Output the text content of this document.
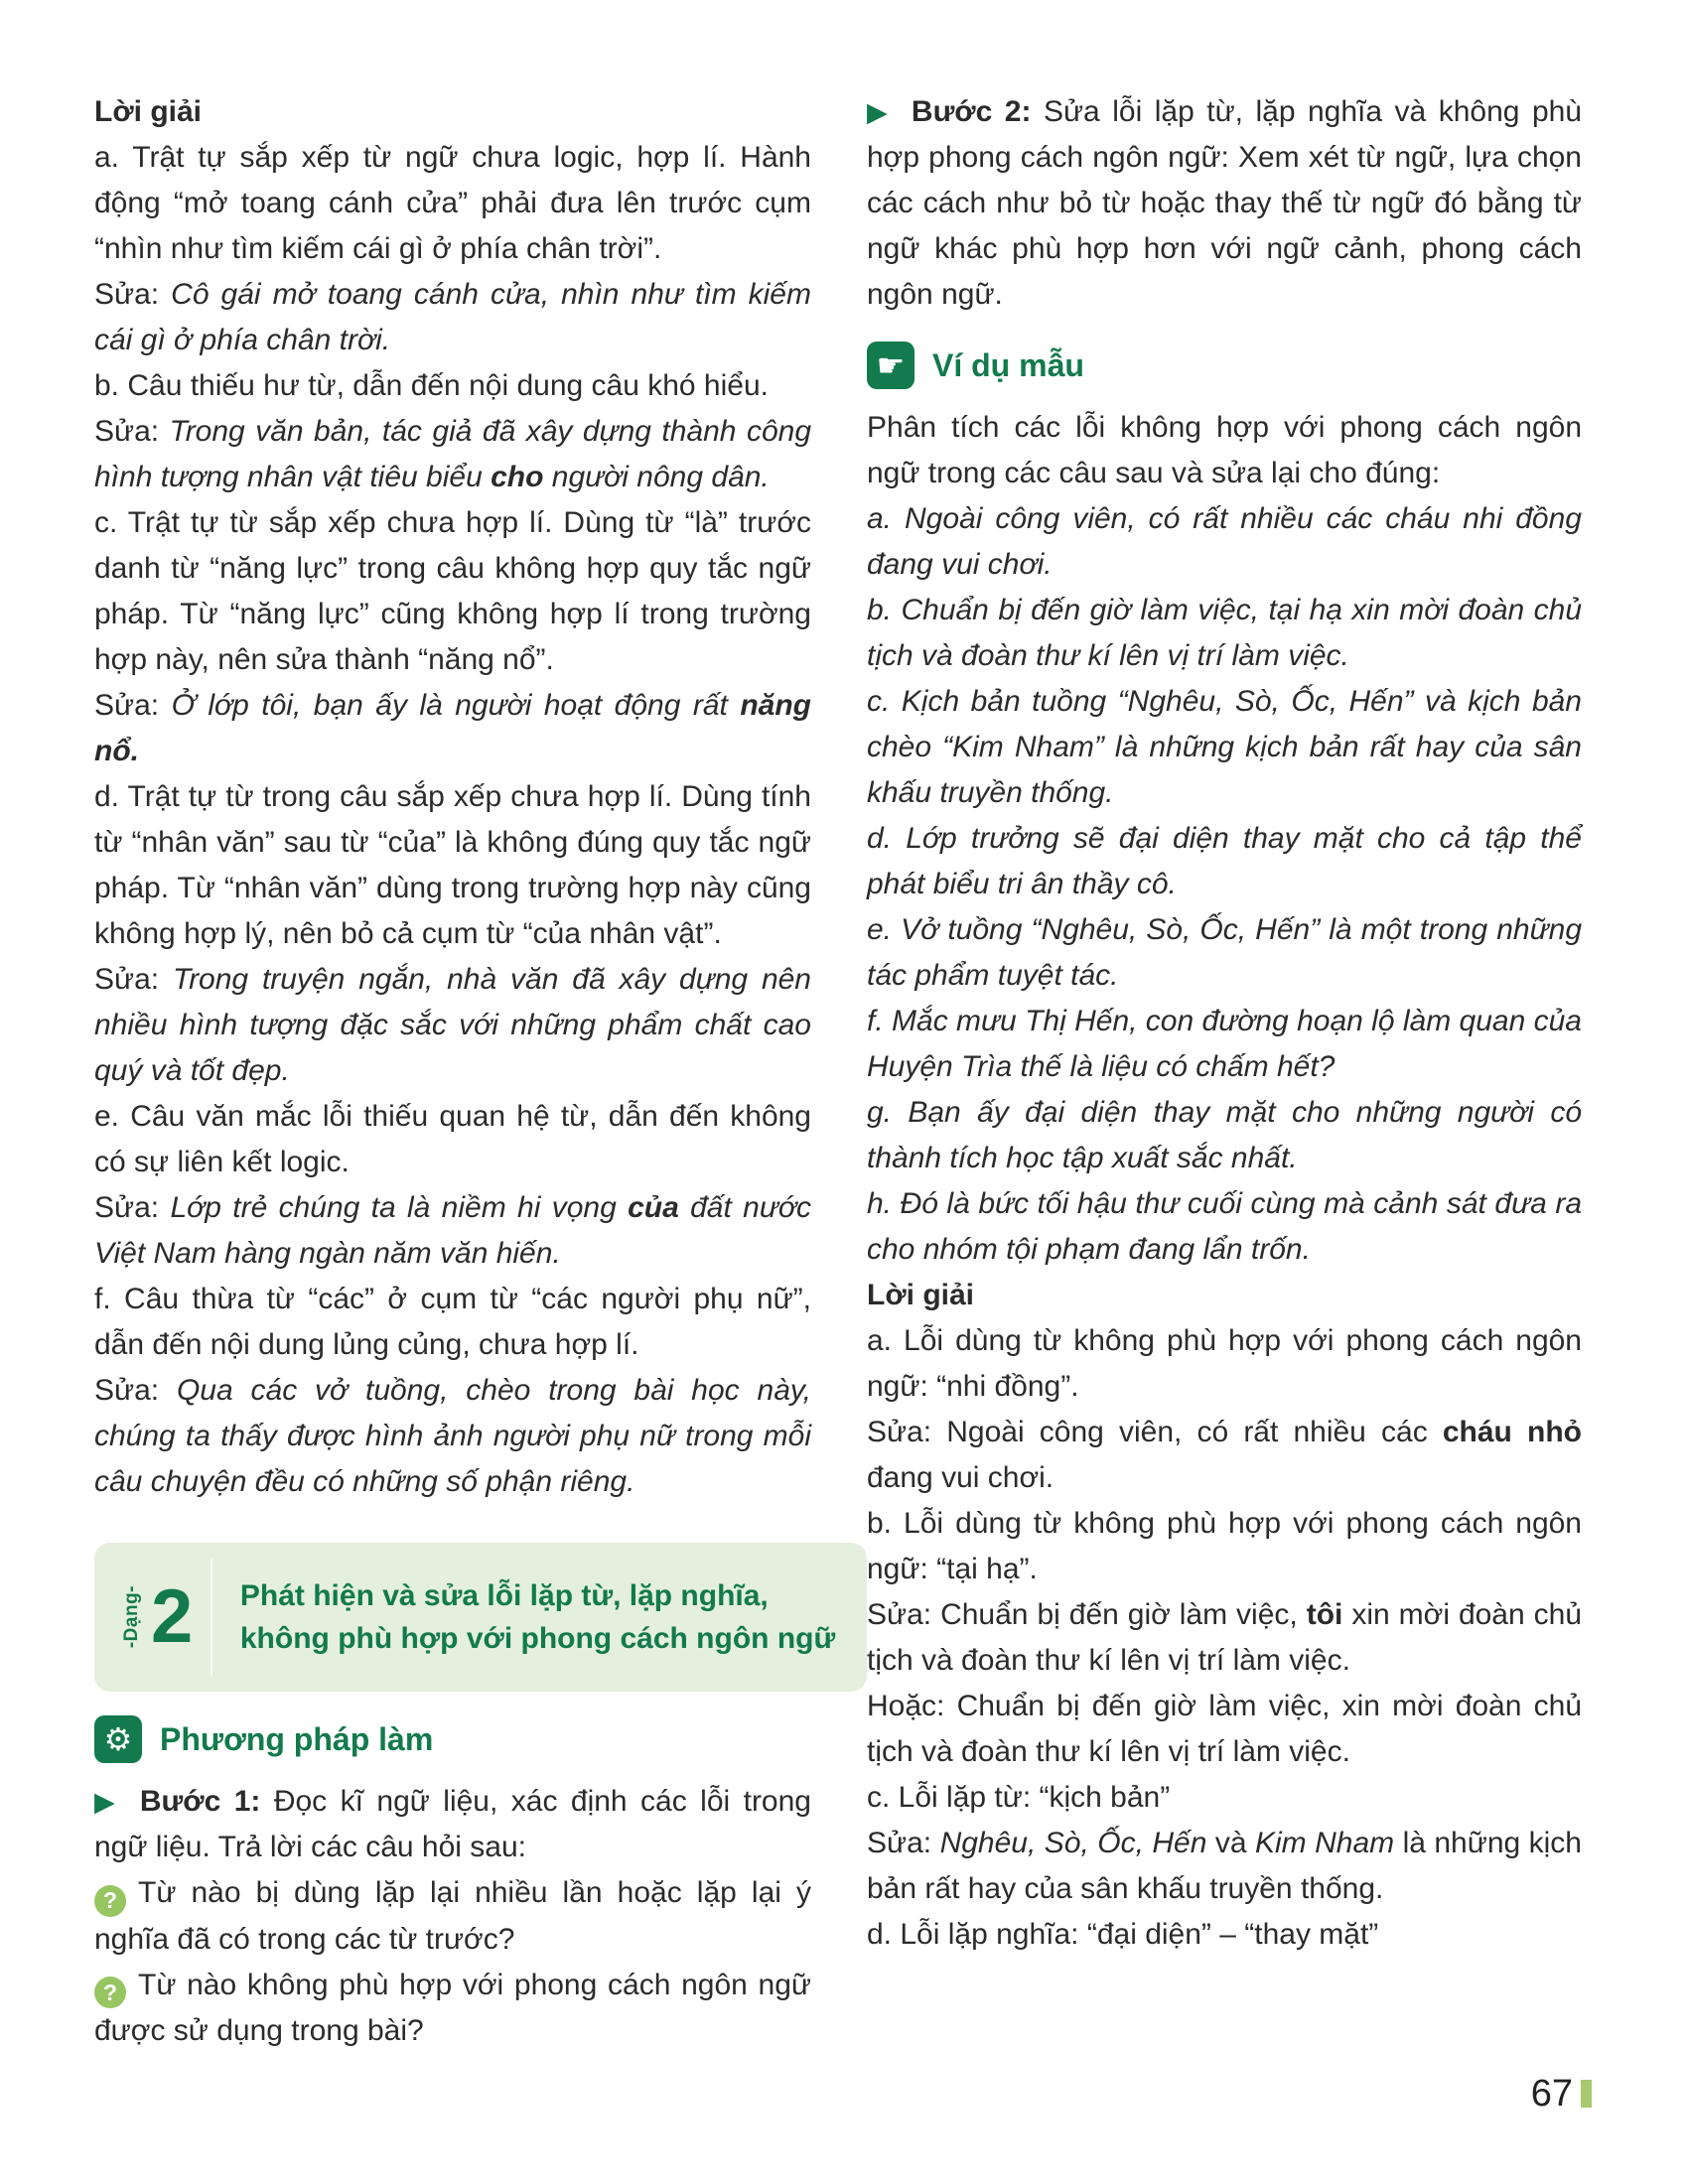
Lời giải

a. Trật tự sắp xếp từ ngữ chưa logic, hợp lí. Hành động “mở toang cánh cửa” phải đưa lên trước cụm “nhìn như tìm kiếm cái gì ở phía chân trời”.

Sửa: Cô gái mở toang cánh cửa, nhìn như tìm kiếm cái gì ở phía chân trời.

b. Câu thiếu hư từ, dẫn đến nội dung câu khó hiểu.

Sửa: Trong văn bản, tác giả đã xây dựng thành công hình tượng nhân vật tiêu biểu cho người nông dân.

c. Trật tự từ sắp xếp chưa hợp lí. Dùng từ “là” trước danh từ “năng lực” trong câu không hợp quy tắc ngữ pháp. Từ “năng lực” cũng không hợp lí trong trường hợp này, nên sửa thành “năng nổ”.

Sửa: Ở lớp tôi, bạn ấy là người hoạt động rất năng nổ.

d. Trật tự từ trong câu sắp xếp chưa hợp lí. Dùng tính từ “nhân văn” sau từ “của” là không đúng quy tắc ngữ pháp. Từ “nhân văn” dùng trong trường hợp này cũng không hợp lý, nên bỏ cả cụm từ “của nhân vật”.

Sửa: Trong truyện ngắn, nhà văn đã xây dựng nên nhiều hình tượng đặc sắc với những phẩm chất cao quý và tốt đẹp.

e. Câu văn mắc lỗi thiếu quan hệ từ, dẫn đến không có sự liên kết logic.

Sửa: Lớp trẻ chúng ta là niềm hi vọng của đất nước Việt Nam hàng ngàn năm văn hiến.

f. Câu thừa từ “các” ở cụm từ “các người phụ nữ”, dẫn đến nội dung lủng củng, chưa hợp lí.

Sửa: Qua các vở tuồng, chèo trong bài học này, chúng ta thấy được hình ảnh người phụ nữ trong mỗi câu chuyện đều có những số phận riêng.

-Dạng- 2 Phát hiện và sửa lỗi lặp từ, lặp nghĩa, không phù hợp với phong cách ngôn ngữ
⚙ Phương pháp làm

▶ Bước 1: Đọc kĩ ngữ liệu, xác định các lỗi trong ngữ liệu. Trả lời các câu hỏi sau:

? Từ nào bị dùng lặp lại nhiều lần hoặc lặp lại ý nghĩa đã có trong các từ trước?

? Từ nào không phù hợp với phong cách ngôn ngữ được sử dụng trong bài?

▶ Bước 2: Sửa lỗi lặp từ, lặp nghĩa và không phù hợp phong cách ngôn ngữ: Xem xét từ ngữ, lựa chọn các cách như bỏ từ hoặc thay thế từ ngữ đó bằng từ ngữ khác phù hợp hơn với ngữ cảnh, phong cách ngôn ngữ.

☛ Ví dụ mẫu

Phân tích các lỗi không hợp với phong cách ngôn ngữ trong các câu sau và sửa lại cho đúng:

a. Ngoài công viên, có rất nhiều các cháu nhi đồng đang vui chơi.

b. Chuẩn bị đến giờ làm việc, tại hạ xin mời đoàn chủ tịch và đoàn thư kí lên vị trí làm việc.

c. Kịch bản tuồng “Nghêu, Sò, Ốc, Hến” và kịch bản chèo “Kim Nham” là những kịch bản rất hay của sân khấu truyền thống.

d. Lớp trưởng sẽ đại diện thay mặt cho cả tập thể phát biểu tri ân thầy cô.

e. Vở tuồng “Nghêu, Sò, Ốc, Hến” là một trong những tác phẩm tuyệt tác.

f. Mắc mưu Thị Hến, con đường hoạn lộ làm quan của Huyện Trìa thế là liệu có chấm hết?

g. Bạn ấy đại diện thay mặt cho những người có thành tích học tập xuất sắc nhất.

h. Đó là bức tối hậu thư cuối cùng mà cảnh sát đưa ra cho nhóm tội phạm đang lẩn trốn.

Lời giải

a. Lỗi dùng từ không phù hợp với phong cách ngôn ngữ: “nhi đồng”.

Sửa: Ngoài công viên, có rất nhiều các cháu nhỏ đang vui chơi.

b. Lỗi dùng từ không phù hợp với phong cách ngôn ngữ: “tại hạ”.

Sửa: Chuẩn bị đến giờ làm việc, tôi xin mời đoàn chủ tịch và đoàn thư kí lên vị trí làm việc.

Hoặc: Chuẩn bị đến giờ làm việc, xin mời đoàn chủ tịch và đoàn thư kí lên vị trí làm việc.

c. Lỗi lặp từ: “kịch bản”

Sửa: Nghêu, Sò, Ốc, Hến và Kim Nham là những kịch bản rất hay của sân khấu truyền thống.

d. Lỗi lặp nghĩa: “đại diện” – “thay mặt”

67
